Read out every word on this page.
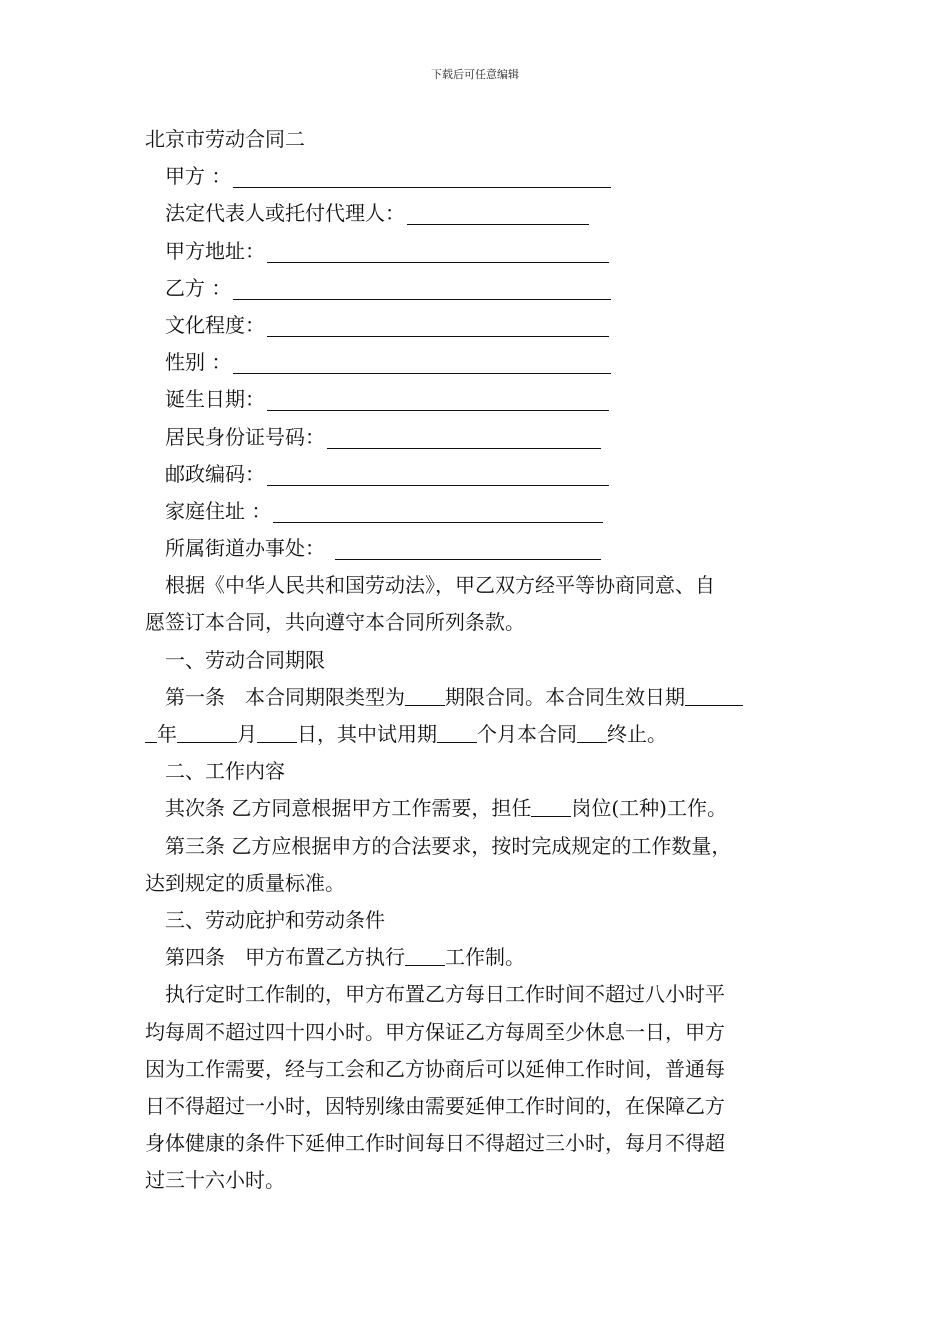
下载后可任意编辑
北京市劳动合同二
甲方 ：
法定代表人或托付代理人：
甲方地址：
乙方 ：
文化程度：
性别 ：
诞生日期：
居民身份证号码：
邮政编码：
家庭住址 ：
所属街道办事处：
根据《中华人民共和国劳动法》，甲乙双方经平等协商同意、自
愿签订本合同，共向遵守本合同所列条款。
一、劳动合同期限
第一条　本合同期限类型为 期限合同。本合同生效日期
年	月 日，其中试用期 个月本合同 终止。
二、工作内容
其次条 乙方同意根据甲方工作需要，担任 岗位(工种)工作。
第三条 乙方应根据申方的合法要求，按时完成规定的工作数量，
达到规定的质量标准。
三、劳动庇护和劳动条件
第四条　甲方布置乙方执行 工作制。
执行定时工作制的，甲方布置乙方每日工作时间不超过八小时平
均每周不超过四十四小时。甲方保证乙方每周至少休息一日，甲方
因为工作需要，经与工会和乙方协商后可以延伸工作时间，普通每
日不得超过一小时，因特别缘由需要延伸工作时间的，在保障乙方
身体健康的条件下延伸工作时间每日不得超过三小时，每月不得超
过三十六小时。
